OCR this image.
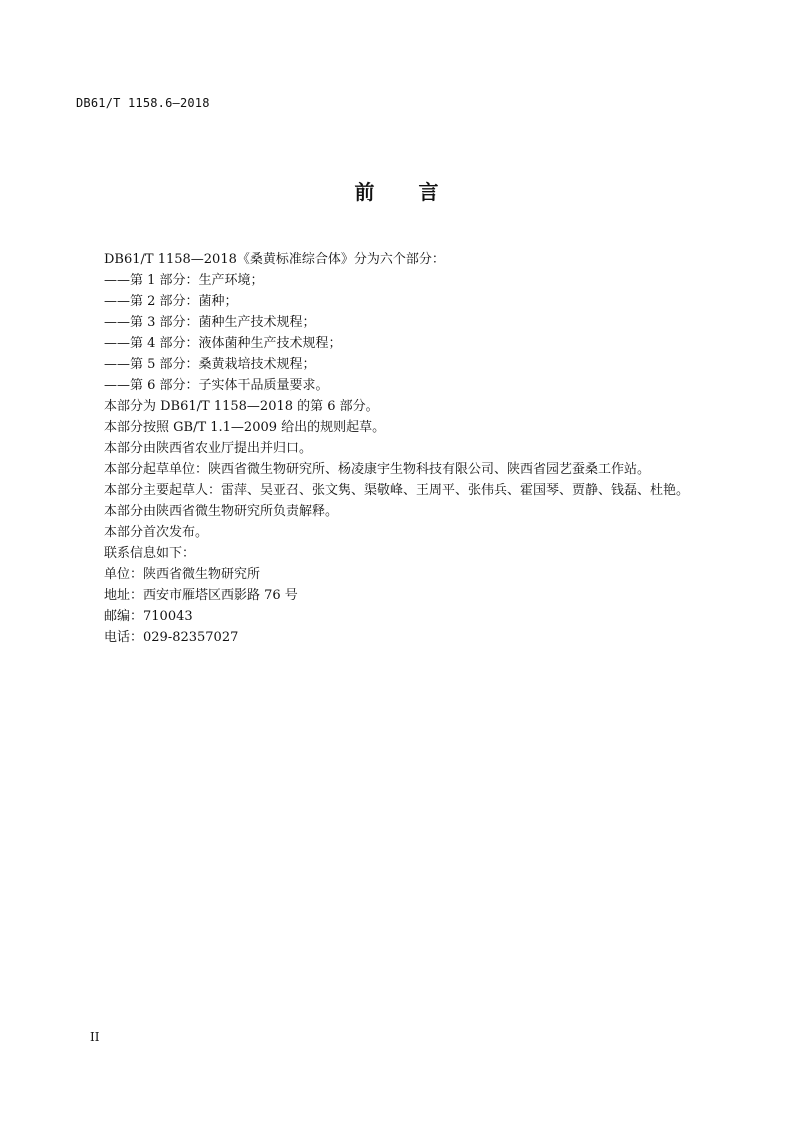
DB61/T 1158.6—2018
前言

DB61/T 1158—2018《桑黄标准综合体》分为六个部分：

——第 1 部分：生产环境；

——第 2 部分：菌种；

——第 3 部分：菌种生产技术规程；

——第 4 部分：液体菌种生产技术规程；

——第 5 部分：桑黄栽培技术规程；

——第 6 部分：子实体干品质量要求。

本部分为 DB61/T 1158—2018 的第 6 部分。

本部分按照 GB/T 1.1—2009 给出的规则起草。

本部分由陕西省农业厅提出并归口。

本部分起草单位：陕西省微生物研究所、杨凌康宇生物科技有限公司、陕西省园艺蚕桑工作站。

本部分主要起草人：雷萍、吴亚召、张文隽、渠敬峰、王周平、张伟兵、霍国琴、贾静、钱磊、杜艳。

本部分由陕西省微生物研究所负责解释。

本部分首次发布。

联系信息如下：

单位：陕西省微生物研究所

地址：西安市雁塔区西影路 76 号

邮编：710043

电话：029-82357027

II
